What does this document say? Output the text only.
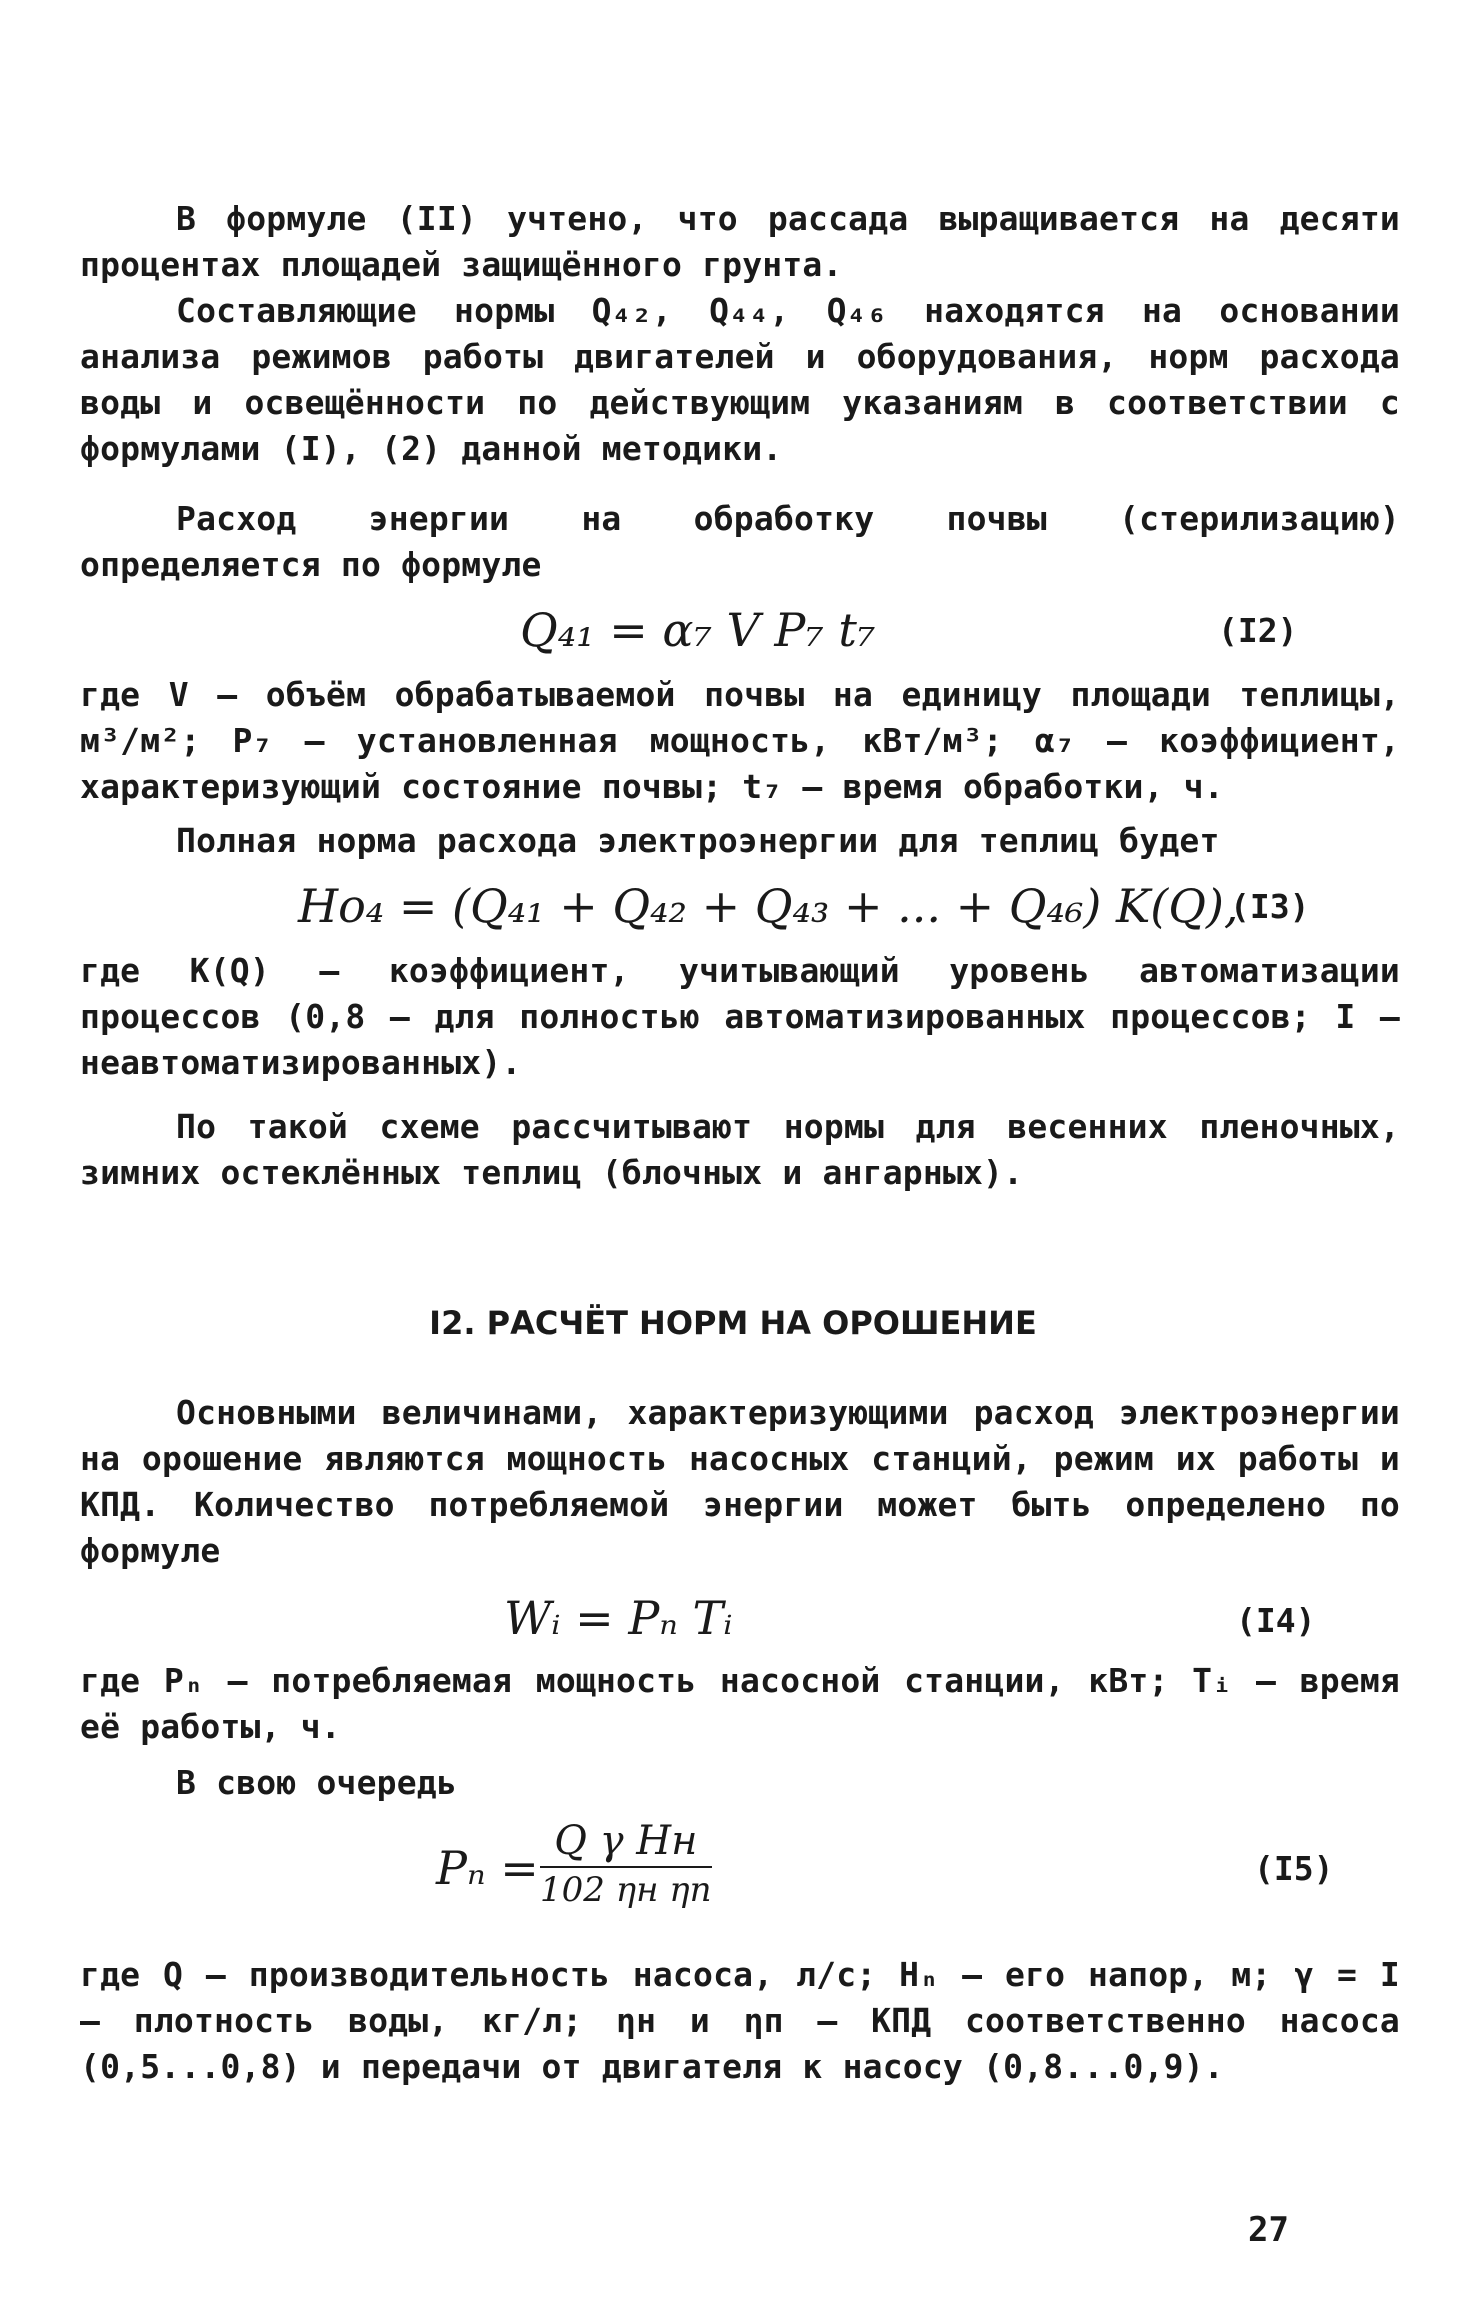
В формуле (II) учтено, что рассада выращивается на десяти процентах площадей защищённого грунта.
Составляющие нормы Q₄₂, Q₄₄, Q₄₆ находятся на основании анализа режимов работы двигателей и оборудования, норм расхода воды и освещённости по действующим указаниям в соответствии с формулами (I), (2) данной методики.
Расход энергии на обработку почвы (стерилизацию) определяется по формуле
Q₄₁ = α₇ V P₇ t₇	(I2)
где V – объём обрабатываемой почвы на единицу площади теплицы, м³/м²; P₇ – установленная мощность, кВт/м³; α₇ – коэффициент, характеризующий состояние почвы; t₇ – время обработки, ч.
Полная норма расхода электроэнергии для теплиц будет
Hо₄ = (Q₄₁ + Q₄₂ + Q₄₃ + ... + Q₄₆) K(Q),
(I3)
где K(Q) – коэффициент, учитывающий уровень автоматизации процессов (0,8 – для полностью автоматизированных процессов; I – неавтоматизированных).
По такой схеме рассчитывают нормы для весенних пленочных, зимних остеклённых теплиц (блочных и ангарных).
I2. РАСЧЁТ НОРМ НА ОРОШЕНИЕ
Основными величинами, характеризующими расход электроэнергии на орошение являются мощность насосных станций, режим их работы и КПД. Количество потребляемой энергии может быть определено по формуле
Wᵢ = Pₙ Tᵢ	(I4)
где Pₙ – потребляемая мощность насосной станции, кВт; Tᵢ – время её работы, ч.
В свою очередь
Pₙ = Q γ Hн
102 ηн ηп
(I5)
где Q – производительность насоса, л/с; Hₙ – его напор, м; γ = I – плотность воды, кг/л; ηн и ηп – КПД соответственно насоса (0,5...0,8) и передачи от двигателя к насосу (0,8...0,9).
27
